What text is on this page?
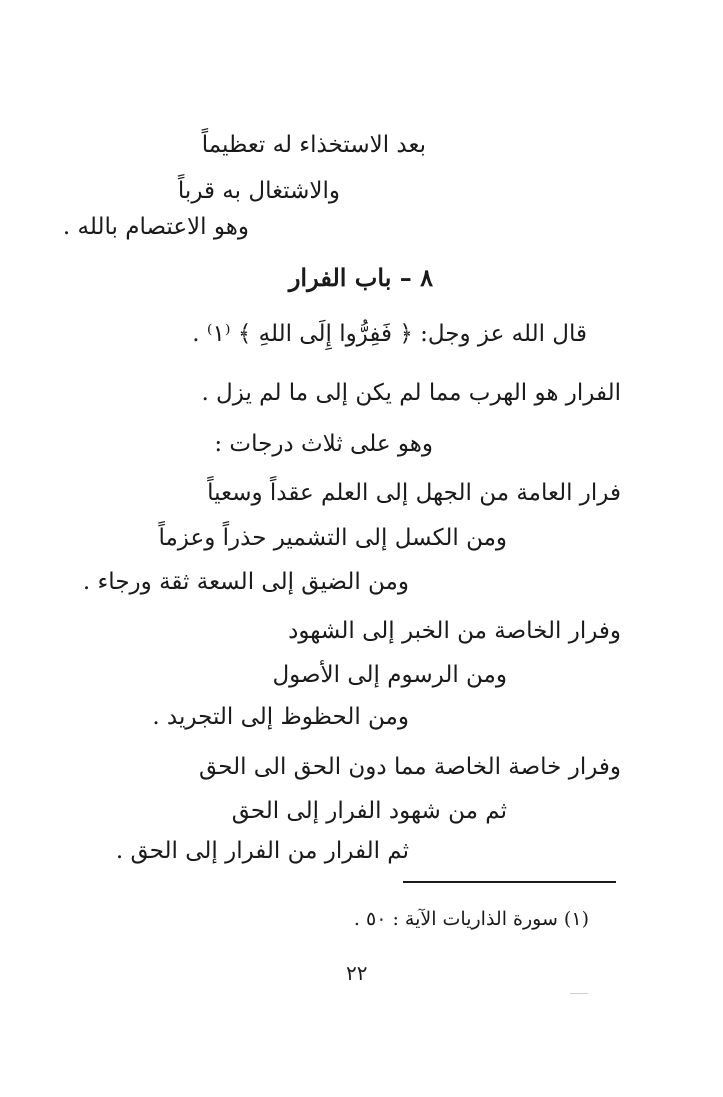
بعد الاستخذاء له تعظيماً
والاشتغال به قرباً
وهو الاعتصام بالله .
٨ – باب الفرار
قال الله عز وجل: ﴿ فَفِرُّوا إِلَى اللهِ ﴾ ⁽١⁾ .
الفرار هو الهرب مما لم يكن إلى ما لم يزل .
وهو على ثلاث درجات :
فرار العامة من الجهل إلى العلم عقداً وسعياً
ومن الكسل إلى التشمير حذراً وعزماً
ومن الضيق إلى السعة ثقة ورجاء .
وفرار الخاصة من الخبر إلى الشهود
ومن الرسوم إلى الأصول
ومن الحظوظ إلى التجريد .
وفرار خاصة الخاصة مما دون الحق الى الحق
ثم من شهود الفرار إلى الحق
ثم الفرار من الفرار إلى الحق .
(١) سورة الذاريات الآية : ٥٠ .
٢٢
